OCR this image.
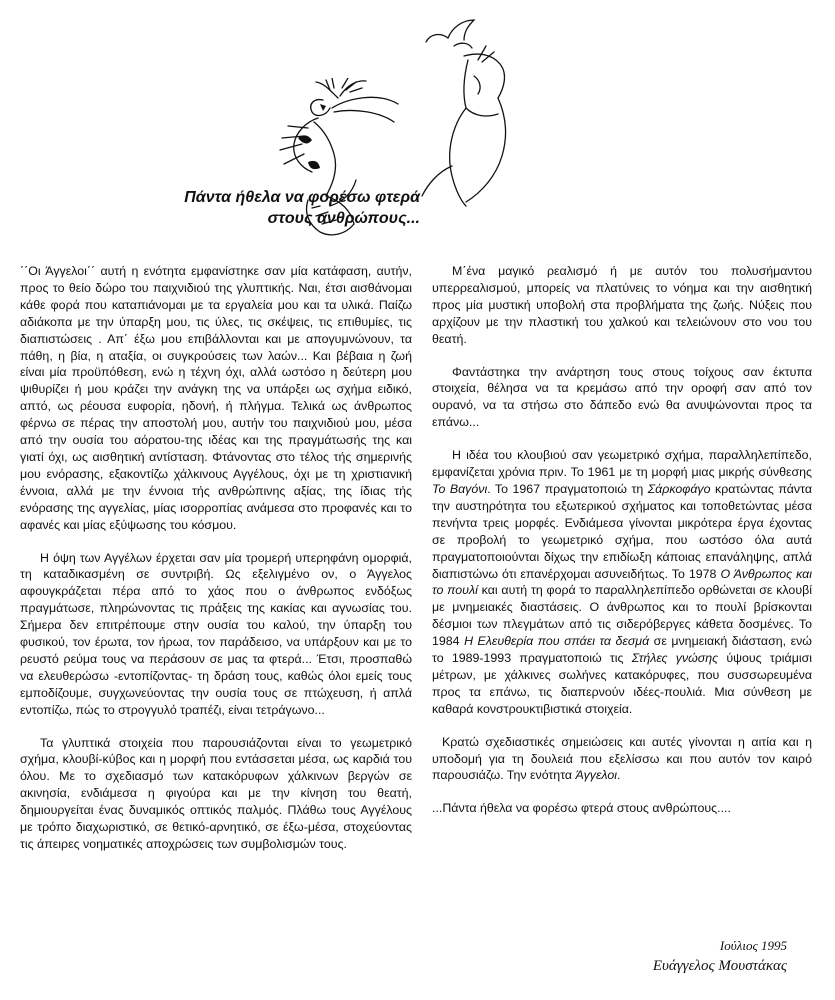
Πάντα ήθελα να φορέσω φτερά
στους ανθρώπους...

΄΄Οι Άγγελοι΄΄ αυτή η ενότητα εμφανίστηκε σαν μία κατάφαση, αυτήν, προς το θείο δώρο του παιχνιδιού της γλυπτικής. Ναι, έτσι αισθάνομαι κάθε φορά που καταπιάνομαι με τα εργαλεία μου και τα υλικά. Παίζω αδιάκοπα με την ύπαρξη μου, τις ύλες, τις σκέψεις, τις επιθυμίες, τις διαπιστώσεις . Απ΄ έξω μου επιβάλλονται και με απογυμνώνουν, τα πάθη, η βία, η αταξία, οι συγκρούσεις των λαών... Και βέβαια η ζωή είναι μία προϋπόθεση, ενώ η τέχνη όχι, αλλά ωστόσο η δεύτερη μου ψιθυρίζει ή μου κράζει την ανάγκη της να υπάρξει ως σχήμα ειδικό, απτό, ως ρέουσα ευφορία, ηδονή, ή πλήγμα. Τελικά ως άνθρωπος φέρνω σε πέρας την αποστολή μου, αυτήν του παιχνιδιού μου, μέσα από την ουσία του αόρατου-της ιδέας και της πραγμάτωσής της και γιατί όχι, ως αισθητική αντίσταση. Φτάνοντας στο τέλος τής σημερινής μου ενόρασης, εξακοντίζω χάλκινους Αγγέλους, όχι με τη χριστιανική έννοια, αλλά με την έννοια τής ανθρώπινης αξίας, της ίδιας τής ενόρασης της αγγελίας, μίας ισορροπίας ανάμεσα στο προφανές και το αφανές και μίας εξύψωσης του κόσμου.

Η όψη των Αγγέλων έρχεται σαν μία τρομερή υπερηφάνη ομορφιά, τη καταδικασμένη σε συντριβή. Ως εξελιγμένο ον, ο Άγγελος αφουγκράζεται πέρα από το χάος που ο άνθρωπος ενδόξως πραγμάτωσε, πληρώνοντας τις πράξεις της κακίας και αγνωσίας του. Σήμερα δεν επιτρέπουμε στην ουσία του καλού, την ύπαρξη του φυσικού, τον έρωτα, τον ήρωα, τον παράδεισο, να υπάρξουν και με το ρευστό ρεύμα τους να περάσουν σε μας τα φτερά... Έτσι, προσπαθώ να ελευθερώσω -εντοπίζοντας- τη δράση τους, καθώς όλοι εμείς τους εμποδίζουμε, συγχωνεύοντας την ουσία τους σε πτώχευση, ή απλά εντοπίζω, πώς το στρογγυλό τραπέζι, είναι τετράγωνο...

Τα γλυπτικά στοιχεία που παρουσιάζονται είναι το γεωμετρικό σχήμα, κλουβί-κύβος και η μορφή που εντάσσεται μέσα, ως καρδιά του όλου. Με το σχεδιασμό των κατακόρυφων χάλκινων βεργών σε ακινησία, ενδιάμεσα η φιγούρα και με την κίνηση του θεατή, δημιουργείται ένας δυναμικός οπτικός παλμός. Πλάθω τους Αγγέλους με τρόπο διαχωριστικό, σε θετικό-αρνητικό, σε έξω-μέσα, στοχεύοντας τις άπειρες νοηματικές αποχρώσεις των συμβολισμών τους.

Μ΄ένα μαγικό ρεαλισμό ή με αυτόν του πολυσήμαντου υπερρεαλισμού, μπορείς να πλατύνεις το νόημα και την αισθητική προς μία μυστική υποβολή στα προβλήματα της ζωής. Νύξεις που αρχίζουν με την πλαστική του χαλκού και τελειώνουν στο νου του θεατή.

Φαντάστηκα την ανάρτηση τους στους τοίχους σαν έκτυπα στοιχεία, θέλησα να τα κρεμάσω από την οροφή σαν από τον ουρανό, να τα στήσω στο δάπεδο ενώ θα ανυψώνονται προς τα επάνω...

Η ιδέα του κλουβιού σαν γεωμετρικό σχήμα, παραλληλεπίπεδο, εμφανίζεται χρόνια πριν. Το 1961 με τη μορφή μιας μικρής σύνθεσης Το Βαγόνι. Το 1967 πραγματοποιώ τη Σάρκοφάγο κρατώντας πάντα την αυστηρότητα του εξωτερικού σχήματος και τοποθετώντας μέσα πενήντα τρεις μορφές. Ενδιάμεσα γίνονται μικρότερα έργα έχοντας σε προβολή το γεωμετρικό σχήμα, που ωστόσο όλα αυτά πραγματοποιούνται δίχως την επιδίωξη κάποιας επανάληψης, απλά διαπιστώνω ότι επανέρχομαι ασυνειδήτως. Το 1978 Ο Άνθρωπος και το πουλί και αυτή τη φορά το παραλληλεπίπεδο ορθώνεται σε κλουβί με μνημειακές διαστάσεις. Ο άνθρωπος και το πουλί βρίσκονται δέσμιοι των πλεγμάτων από τις σιδερόβεργες κάθετα δοσμένες. Το 1984 Η Ελευθερία που σπάει τα δεσμά σε μνημειακή διάσταση, ενώ το 1989-1993 πραγματοποιώ τις Στήλες γνώσης ύψους τριάμισι μέτρων, με χάλκινες σωλήνες κατακόρυφες, που συσσωρευμένα προς τα επάνω, τις διαπερνούν ιδέες-πουλιά. Μια σύνθεση με καθαρά κονστρουκτιβιστικά στοιχεία.

Κρατώ σχεδιαστικές σημειώσεις και αυτές γίνονται η αιτία και η υποδομή για τη δουλειά που εξελίσσω και που αυτόν τον καιρό παρουσιάζω. Την ενότητα Άγγελοι.

...Πάντα ήθελα να φορέσω φτερά στους ανθρώπους....

Ιούλιος 1995
Ευάγγελος Μουστάκας
